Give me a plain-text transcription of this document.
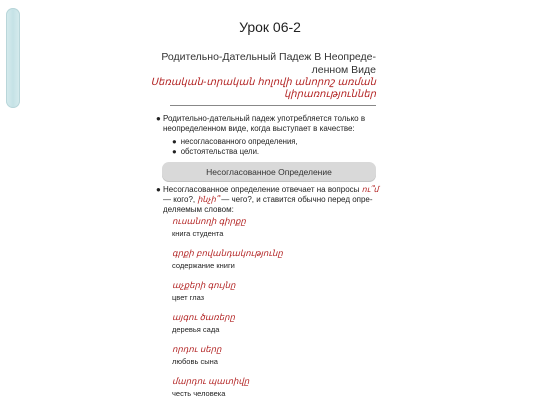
Урок 06-2
Родительно-Дательный Падеж В Неопреде-ленном Виде
Սեռական-տրական հոլովի անորոշ առման կիրառություններ
● Родительно-дательный падеж употребляется только в неопределенном виде, когда выступает в качестве:
● несогласованного определения,
● обстоятельства цели.
Несогласованное Определение
● Несогласованное определение отвечает на вопросы ու՞մ — кого?, ինչի՞ — чего?, и ставится обычно перед опре-деляемым словом:
ուսանողի գիրքը
книга студента
գրքի բովանդակությունը
содержание книги
աչքերի գույնը
цвет глаз
այգու ծառերը
деревья сада
որդու սերը
любовь сына
մարդու պատիվը
честь человека
